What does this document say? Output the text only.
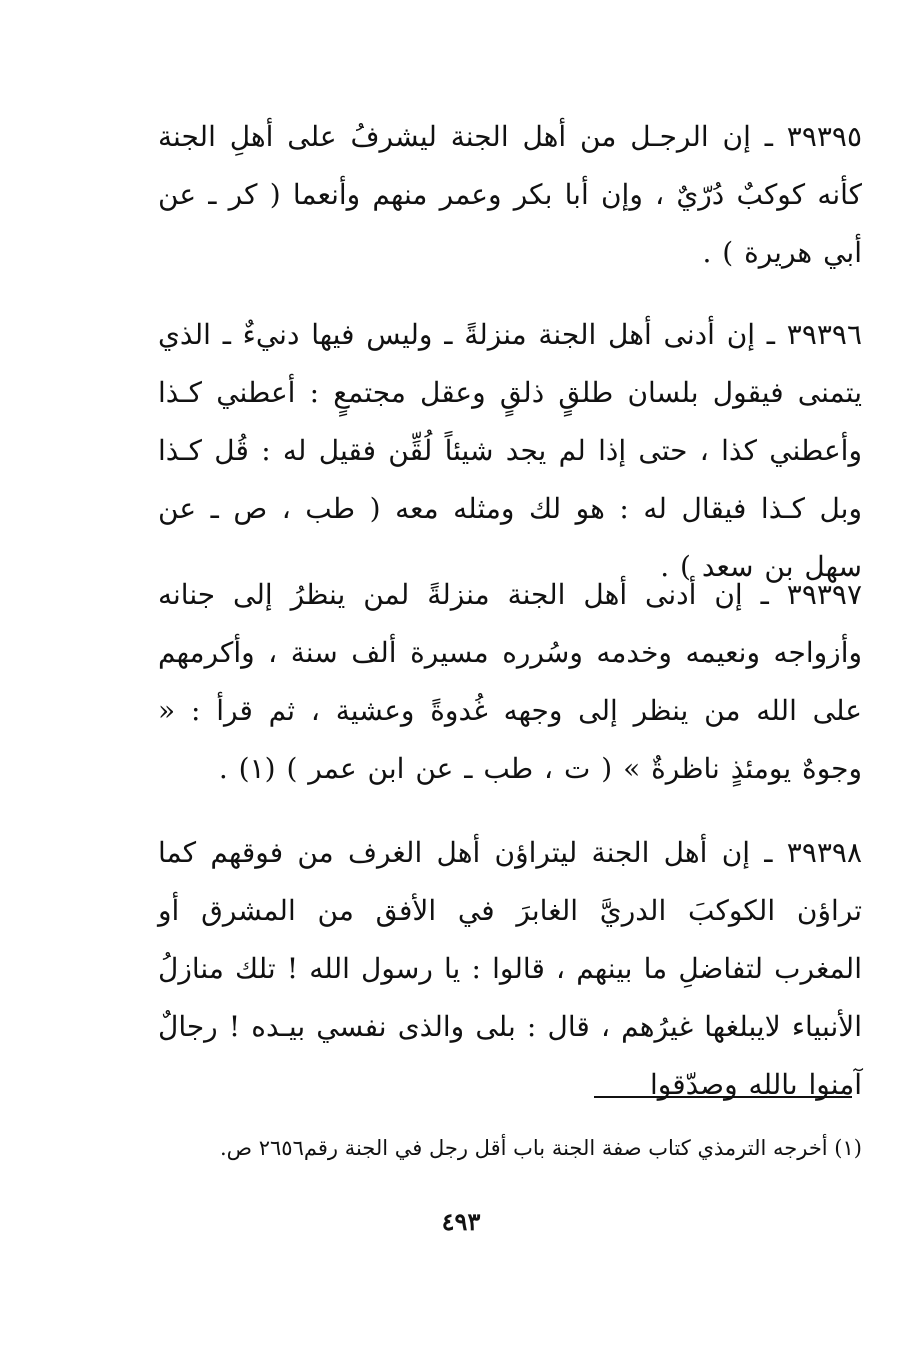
٣٩٣٩٥ ـ إن الرجـل من أهل الجنة ليشرفُ على أهلِ الجنة كأنه كوكبٌ دُرّيٌ ، وإن أبا بكر وعمر منهم وأنعما ( كر ـ عن أبي هريرة ) .

٣٩٣٩٦ ـ إن أدنى أهل الجنة منزلةً ـ وليس فيها دنيءٌ ـ الذي يتمنى فيقول بلسان طلقٍ ذلقٍ وعقل مجتمعٍ : أعطني كـذا وأعطني كذا ، حتى إذا لم يجد شيئاً لُقِّن فقيل له : قُل كـذا وبل كـذا فيقال له : هو لك ومثله معه ( طب ، ص ـ عن سهل بن سعد ) .

٣٩٣٩٧ ـ إن أدنى أهل الجنة منزلةً لمن ينظرُ إلى جنانه وأزواجه ونعيمه وخدمه وسُرره مسيرة ألف سنة ، وأكرمهم على الله من ينظر إلى وجهه غُدوةً وعشية ، ثم قرأ : « وجوهٌ يومئذٍ ناظرةٌ » ( ت ، طب ـ عن ابن عمر ) (١) .

٣٩٣٩٨ ـ إن أهل الجنة ليتراؤن أهل الغرف من فوقهم كما تراؤن الكوكبَ الدريَّ الغابرَ في الأفق من المشرق أو المغرب لتفاضلِ ما بينهم ، قالوا : يا رسول الله ! تلك منازلُ الأنبياء لايبلغها غيرُهم ، قال : بلى والذى نفسي بيـده ! رجالٌ آمنوا بالله وصدّقوا

(١) أخرجه الترمذي كتاب صفة الجنة باب أقل رجل في الجنة رقم٢٦٥٦ ص.
٤٩٣
